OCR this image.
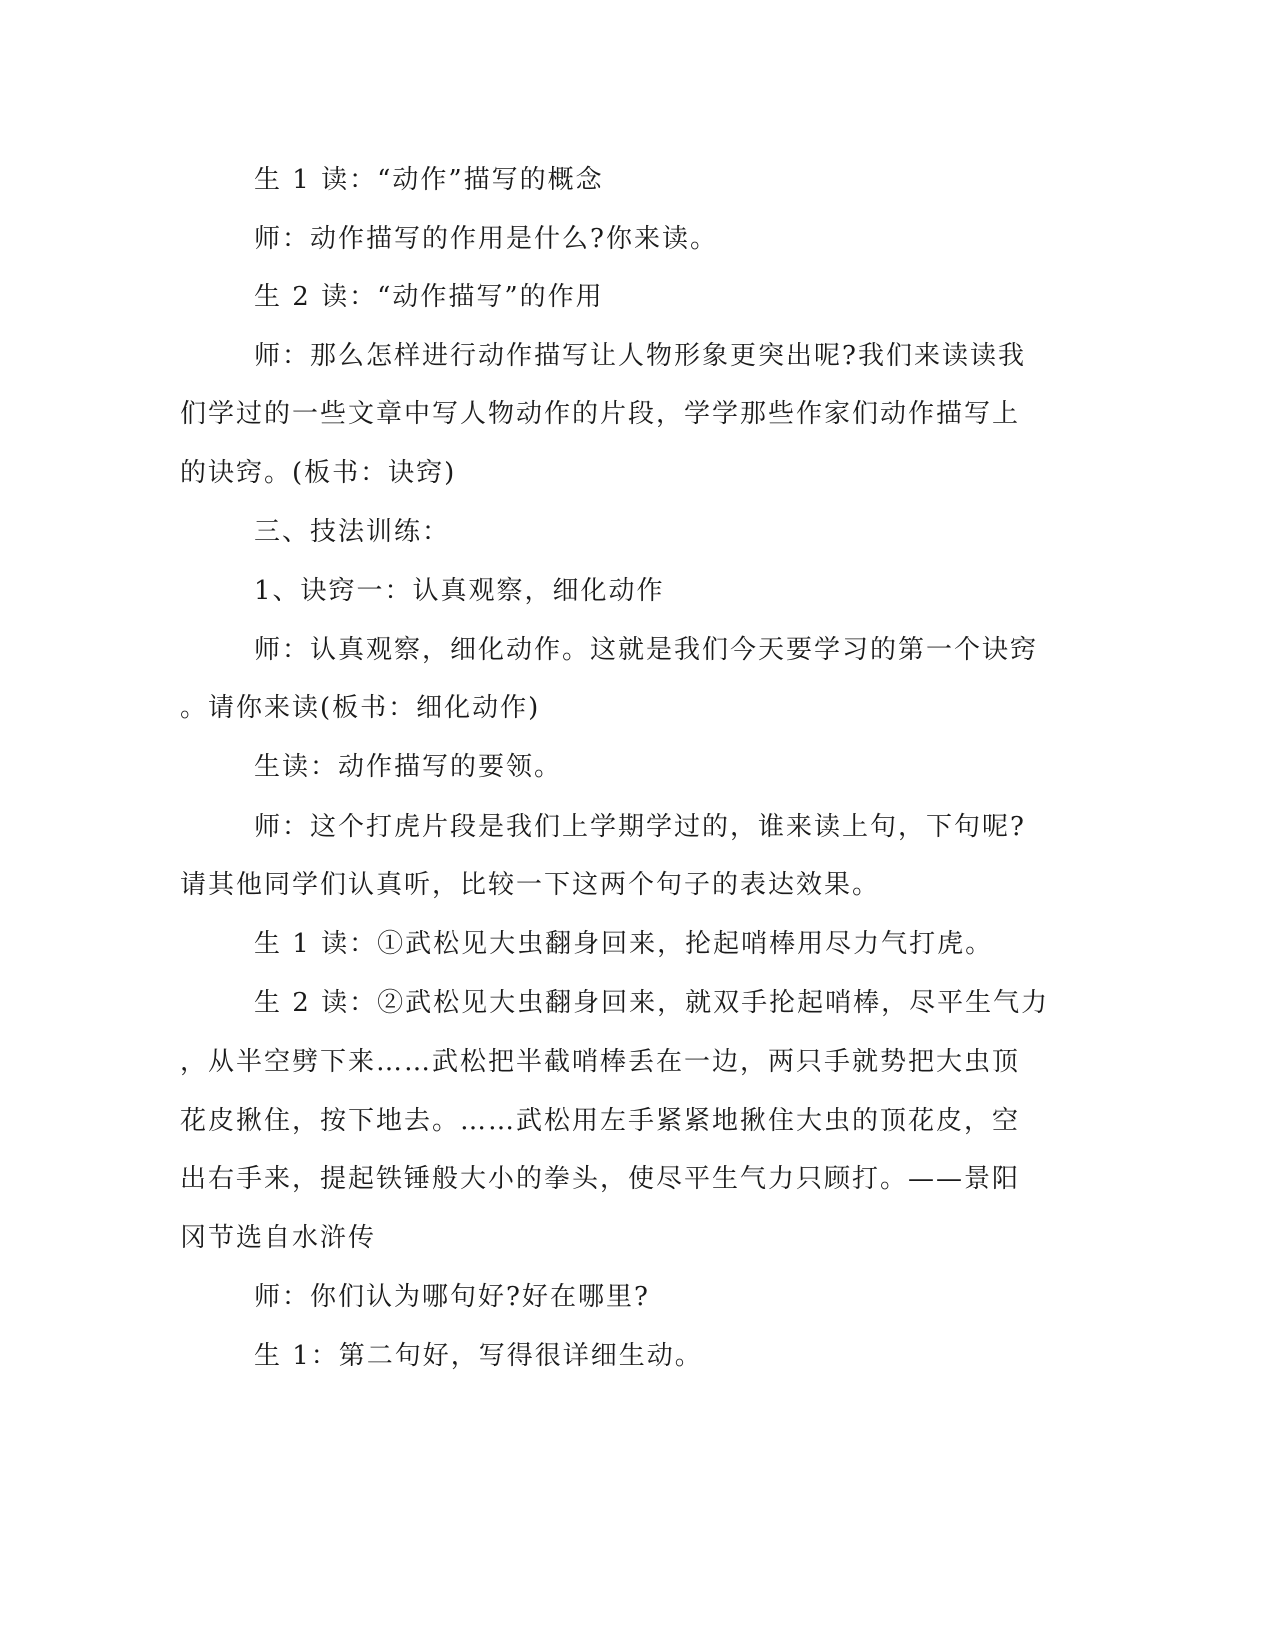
生 1 读：“动作”描写的概念
师：动作描写的作用是什么?你来读。
生 2 读：“动作描写”的作用
师：那么怎样进行动作描写让人物形象更突出呢?我们来读读我
们学过的一些文章中写人物动作的片段，学学那些作家们动作描写上
的诀窍。(板书：诀窍)
三、技法训练：
1、诀窍一：认真观察，细化动作
师：认真观察，细化动作。这就是我们今天要学习的第一个诀窍
。请你来读(板书：细化动作)
生读：动作描写的要领。
师：这个打虎片段是我们上学期学过的，谁来读上句，下句呢?
请其他同学们认真听，比较一下这两个句子的表达效果。
生 1 读：①武松见大虫翻身回来，抡起哨棒用尽力气打虎。
生 2 读：②武松见大虫翻身回来，就双手抡起哨棒，尽平生气力
，从半空劈下来……武松把半截哨棒丢在一边，两只手就势把大虫顶
花皮揪住，按下地去。……武松用左手紧紧地揪住大虫的顶花皮，空
出右手来，提起铁锤般大小的拳头，使尽平生气力只顾打。——景阳
冈节选自水浒传
师：你们认为哪句好?好在哪里?
生 1：第二句好，写得很详细生动。
